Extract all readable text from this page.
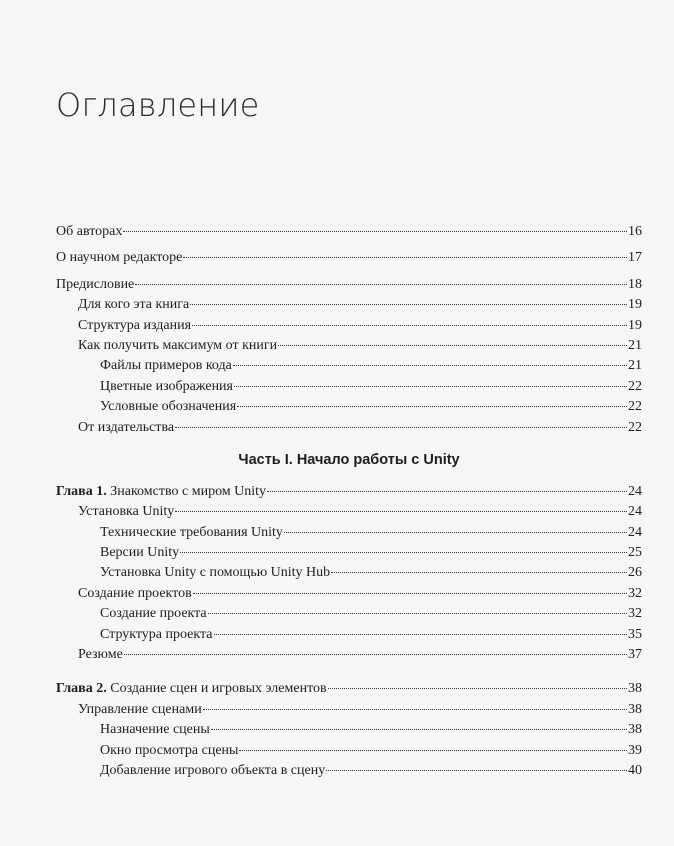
Оглавление
Об авторах	16
О научном редакторе	17
Предисловие	18
Для кого эта книга	19
Структура издания	19
Как получить максимум от книги	21
Файлы примеров кода	21
Цветные изображения	22
Условные обозначения	22
От издательства	22
Часть I. Начало работы с Unity
Глава 1. Знакомство с миром Unity	24
Установка Unity	24
Технические требования Unity	24
Версии Unity	25
Установка Unity с помощью Unity Hub	26
Создание проектов	32
Создание проекта	32
Структура проекта	35
Резюме	37
Глава 2. Создание сцен и игровых элементов	38
Управление сценами	38
Назначение сцены	38
Окно просмотра сцены	39
Добавление игрового объекта в сцену	40
